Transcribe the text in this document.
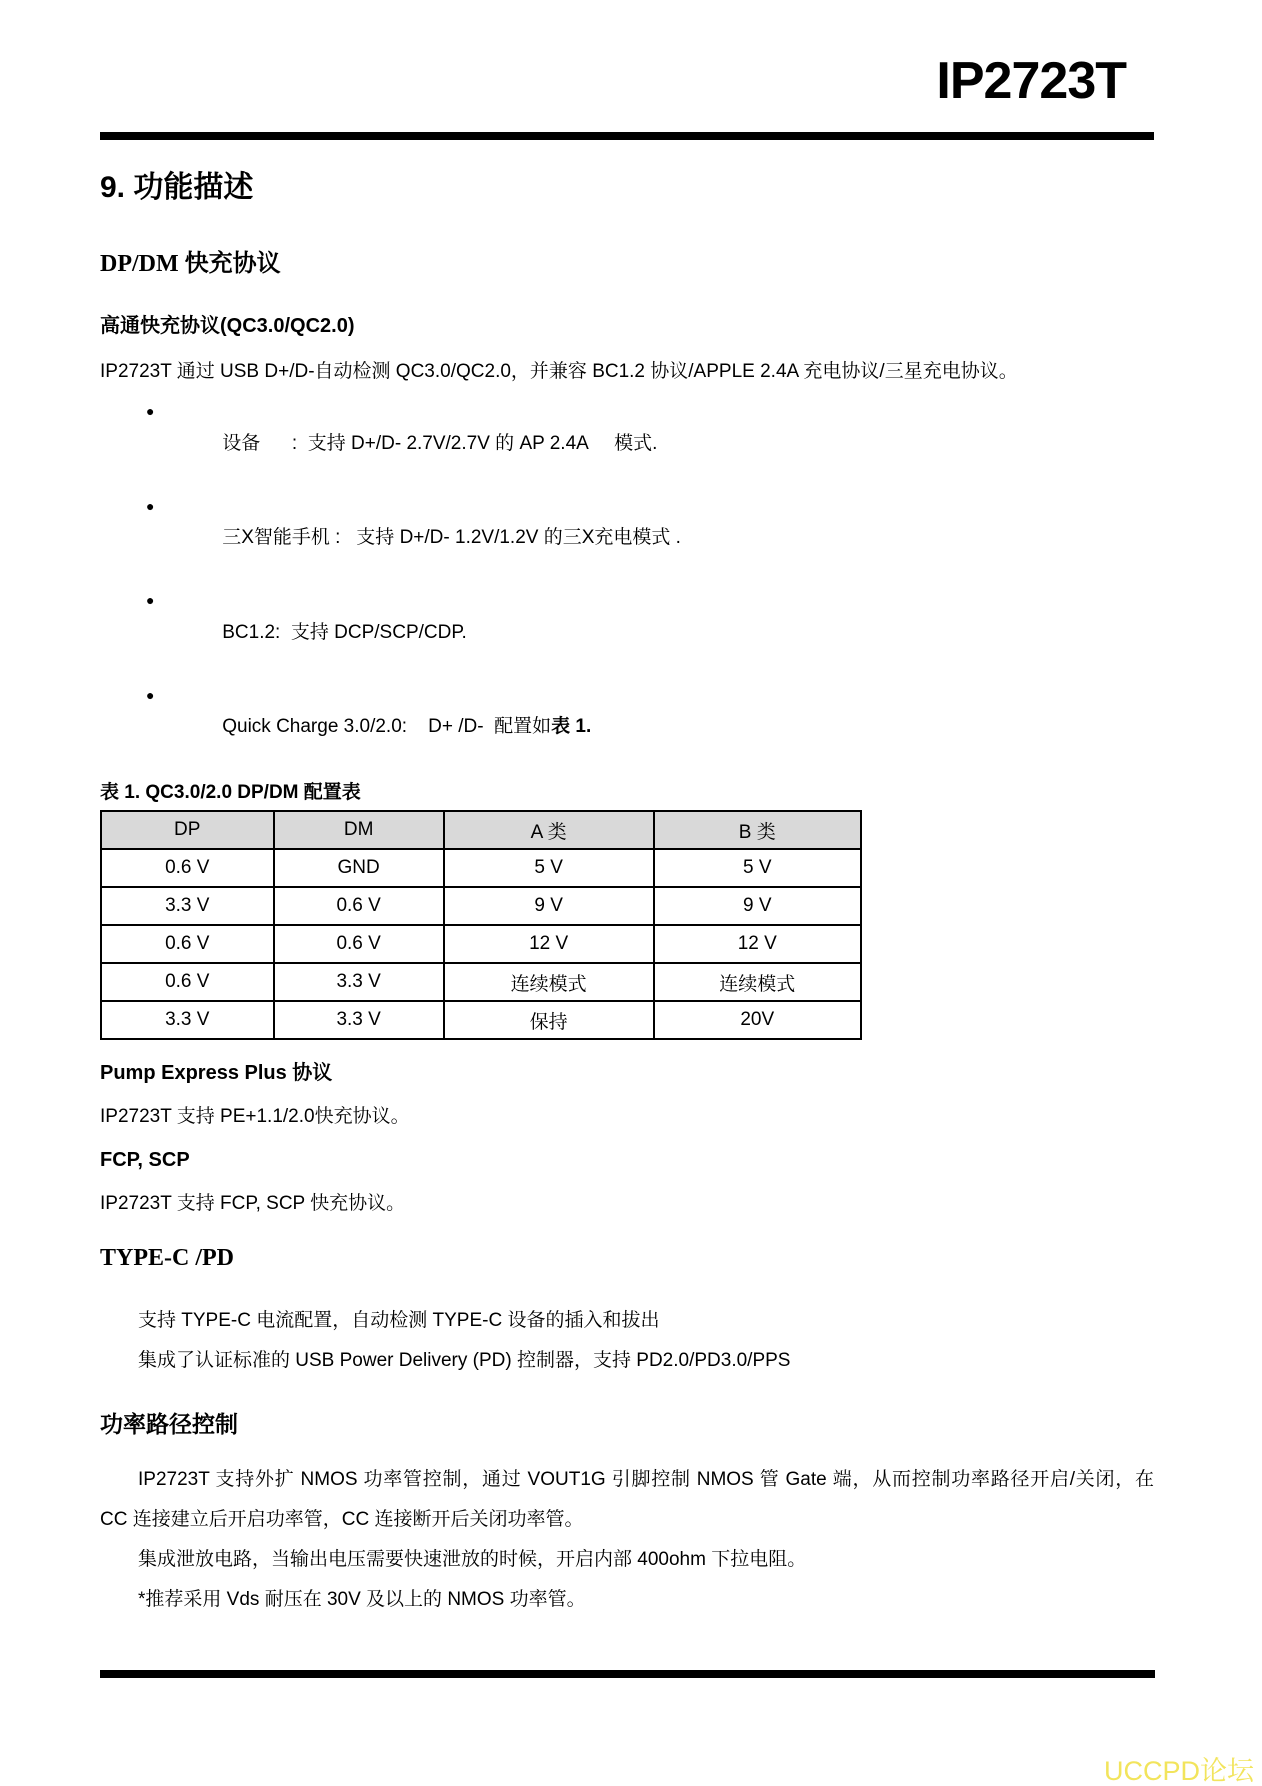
IP2723T
9. 功能描述
DP/DM 快充协议
高通快充协议(QC3.0/QC2.0)

IP2723T 通过 USB D+/D-自动检测 QC3.0/QC2.0，并兼容 BC1.2 协议/APPLE 2.4A 充电协议/三星充电协议。

●
设备      :  支持 D+/D- 2.7V/2.7V 的 AP 2.4A     模式.

●
三X智能手机 :   支持 D+/D- 1.2V/1.2V 的三X充电模式 .

●
BC1.2:  支持 DCP/SCP/CDP.

●
Quick Charge 3.0/2.0:    D+ /D-  配置如表 1.

表 1. QC3.0/2.0 DP/DM 配置表

DP	DM	A 类	B 类
0.6 V	GND	5 V	5 V
3.3 V	0.6 V	9 V	9 V
0.6 V	0.6 V	12 V	12 V
0.6 V	3.3 V	连续模式	连续模式
3.3 V	3.3 V	保持	20V
Pump Express Plus 协议

IP2723T 支持 PE+1.1/2.0快充协议。

FCP, SCP

IP2723T 支持 FCP, SCP 快充协议。

TYPE-C /PD

支持 TYPE-C 电流配置，自动检测 TYPE-C 设备的插入和拔出

集成了认证标准的 USB Power Delivery (PD) 控制器，支持 PD2.0/PD3.0/PPS

功率路径控制

IP2723T 支持外扩 NMOS 功率管控制，通过 VOUT1G 引脚控制 NMOS 管 Gate 端，从而控制功率路径开启/关闭，在 CC 连接建立后开启功率管，CC 连接断开后关闭功率管。

集成泄放电路，当输出电压需要快速泄放的时候，开启内部 400ohm 下拉电阻。

*推荐采用 Vds 耐压在 30V 及以上的 NMOS 功率管。

UCCPD论坛
